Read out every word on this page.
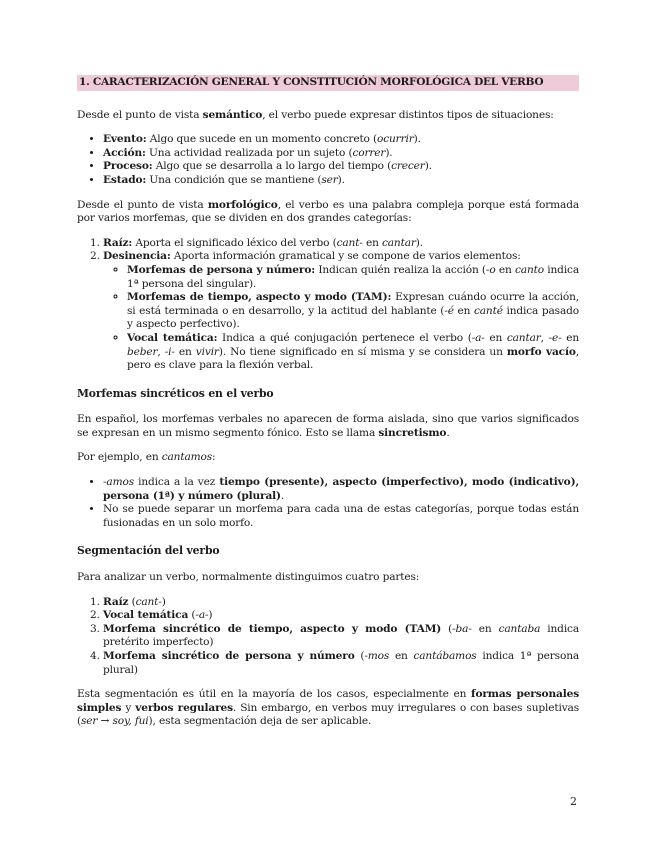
1. CARACTERIZACIÓN GENERAL Y CONSTITUCIÓN MORFOLÓGICA DEL VERBO

Desde el punto de vista semántico, el verbo puede expresar distintos tipos de situaciones:

• Evento: Algo que sucede en un momento concreto (ocurrir).
• Acción: Una actividad realizada por un sujeto (correr).
• Proceso: Algo que se desarrolla a lo largo del tiempo (crecer).
• Estado: Una condición que se mantiene (ser).

Desde el punto de vista morfológico, el verbo es una palabra compleja porque está formada por varios morfemas, que se dividen en dos grandes categorías:

1. Raíz: Aporta el significado léxico del verbo (cant- en cantar).
2. Desinencia: Aporta información gramatical y se compone de varios elementos:
◦ Morfemas de persona y número: Indican quién realiza la acción (-o en canto indica 1ª persona del singular).
◦ Morfemas de tiempo, aspecto y modo (TAM): Expresan cuándo ocurre la acción, si está terminada o en desarrollo, y la actitud del hablante (-é en canté indica pasado y aspecto perfectivo).
◦ Vocal temática: Indica a qué conjugación pertenece el verbo (-a- en cantar, -e- en beber, -i- en vivir). No tiene significado en sí misma y se considera un morfo vacío, pero es clave para la flexión verbal.
Morfemas sincréticos en el verbo

En español, los morfemas verbales no aparecen de forma aislada, sino que varios significados se expresan en un mismo segmento fónico. Esto se llama sincretismo.

Por ejemplo, en cantamos:

• -amos indica a la vez tiempo (presente), aspecto (imperfectivo), modo (indicativo), persona (1ª) y número (plural).
• No se puede separar un morfema para cada una de estas categorías, porque todas están fusionadas en un solo morfo.
Segmentación del verbo

Para analizar un verbo, normalmente distinguimos cuatro partes:

1. Raíz (cant-)
2. Vocal temática (-a-)
3. Morfema sincrético de tiempo, aspecto y modo (TAM) (-ba- en cantaba indica pretérito imperfecto)
4. Morfema sincrético de persona y número (-mos en cantábamos indica 1ª persona plural)

Esta segmentación es útil en la mayoría de los casos, especialmente en formas personales simples y verbos regulares. Sin embargo, en verbos muy irregulares o con bases supletivas (ser → soy, fui), esta segmentación deja de ser aplicable.

2
